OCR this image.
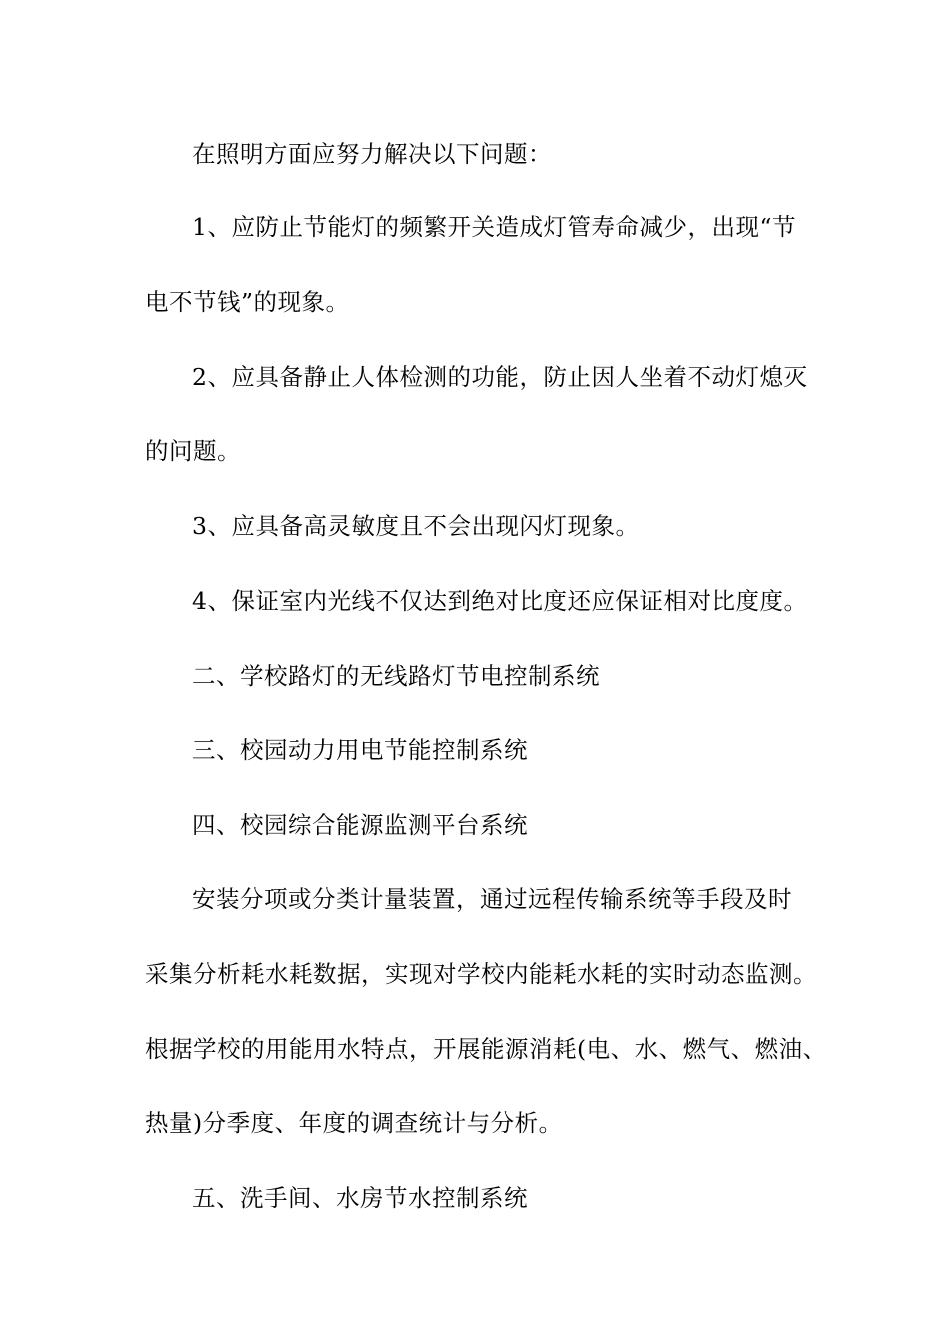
在照明方面应努力解决以下问题：
1、应防止节能灯的频繁开关造成灯管寿命减少，出现“节
电不节钱”的现象。
2、应具备静止人体检测的功能，防止因人坐着不动灯熄灭
的问题。
3、应具备高灵敏度且不会出现闪灯现象。
4、保证室内光线不仅达到绝对比度还应保证相对比度度。
二、学校路灯的无线路灯节电控制系统
三、校园动力用电节能控制系统
四、校园综合能源监测平台系统
安装分项或分类计量装置，通过远程传输系统等手段及时
采集分析耗水耗数据，实现对学校内能耗水耗的实时动态监测。
根据学校的用能用水特点，开展能源消耗(电、水、燃气、燃油、
热量)分季度、年度的调查统计与分析。
五、洗手间、水房节水控制系统
